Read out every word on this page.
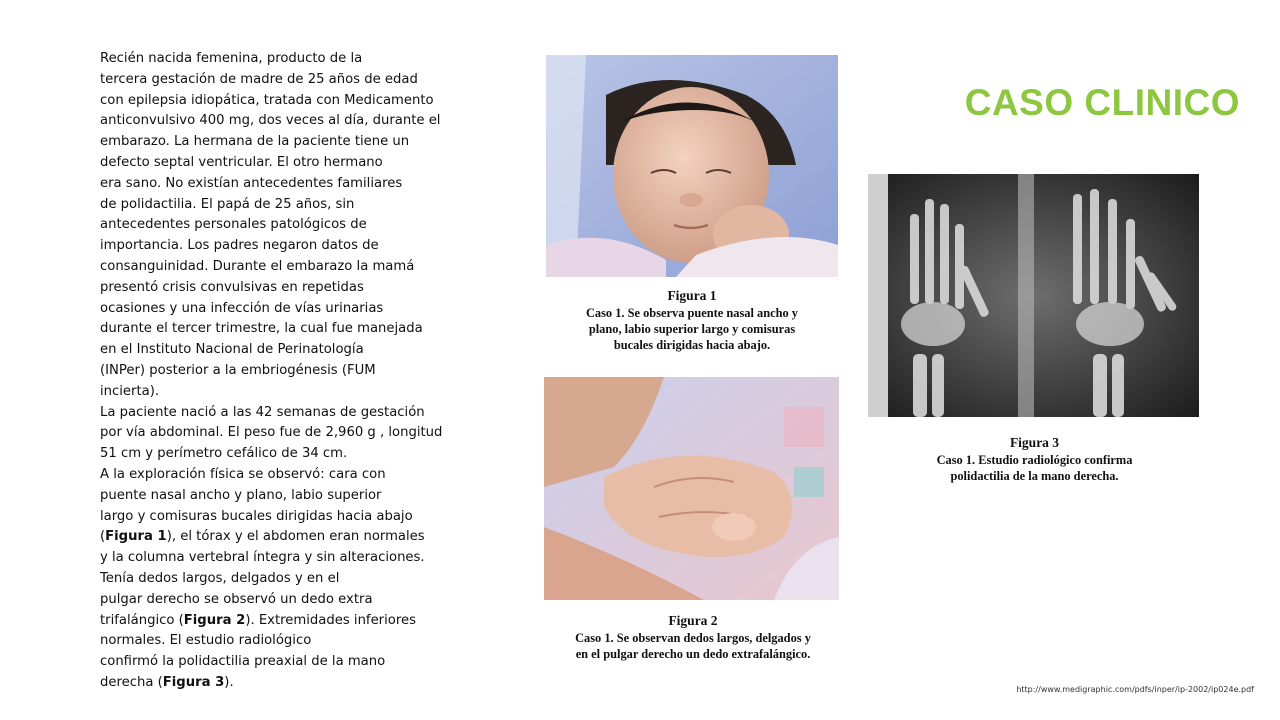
Recién nacida femenina, producto de la
tercera gestación de madre de 25 años de edad
con epilepsia idiopática, tratada con Medicamento
anticonvulsivo 400 mg, dos veces al día, durante el
embarazo. La hermana de la paciente tiene un
defecto septal ventricular. El otro hermano
era sano. No existían antecedentes familiares
de polidactilia. El papá de 25 años, sin
antecedentes personales patológicos de
importancia. Los padres negaron datos de
consanguinidad. Durante el embarazo la mamá
presentó crisis convulsivas en repetidas
ocasiones y una infección de vías urinarias
durante el tercer trimestre, la cual fue manejada
en el Instituto Nacional de Perinatología
(INPer) posterior a la embriogénesis (FUM
incierta).
La paciente nació a las 42 semanas de gestación
por vía abdominal. El peso fue de 2,960 g , longitud
51 cm y perímetro cefálico de 34 cm.
A la exploración física se observó: cara con
puente nasal ancho y plano, labio superior
largo y comisuras bucales dirigidas hacia abajo
(Figura 1), el tórax y el abdomen eran normales
y la columna vertebral íntegra y sin alteraciones.
Tenía dedos largos, delgados y en el
pulgar derecho se observó un dedo extra
trifalángico (Figura 2). Extremidades inferiores
normales. El estudio radiológico
confirmó la polidactilia preaxial de la mano
derecha (Figura 3).
Figura 1
Caso 1. Se observa puente nasal ancho y
plano, labio superior largo y comisuras
bucales dirigidas hacia abajo.
Figura 2
Caso 1. Se observan dedos largos, delgados y
en el pulgar derecho un dedo extrafalángico.
CASO CLINICO
Figura 3
Caso 1. Estudio radiológico confirma
polidactilia de la mano derecha.
http://www.medigraphic.com/pdfs/inper/ip-2002/ip024e.pdf
